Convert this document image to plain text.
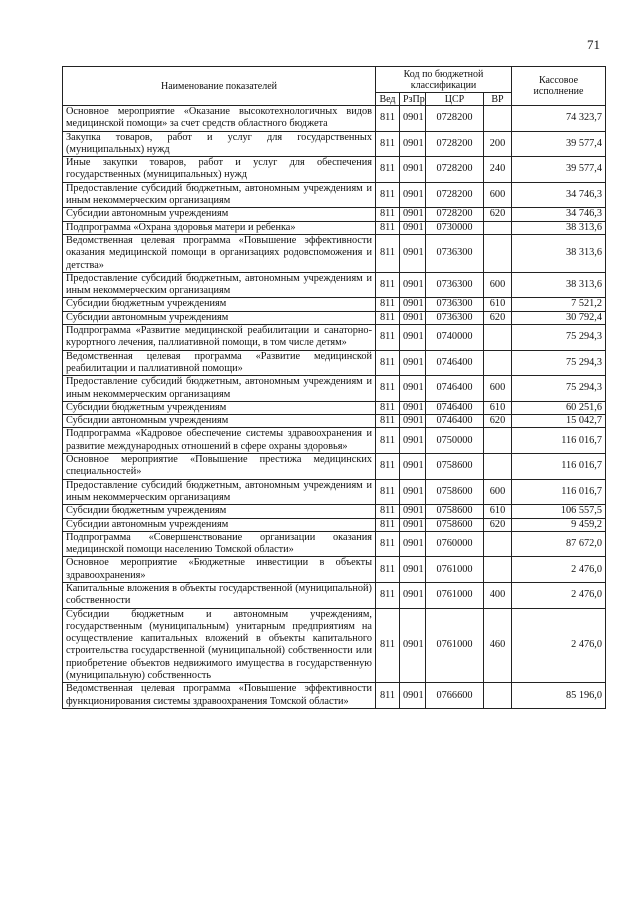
71
Наименование показателей	Код по бюджетной классификации				Кассовое исполнение
	Вед	РзПр	ЦСР	ВР	
Основное мероприятие «Оказание высокотехнологичных видов медицинской помощи» за счет средств областного бюджета	811	0901	0728200		74 323,7
Закупка товаров, работ и услуг для государственных (муниципальных) нужд	811	0901	0728200	200	39 577,4
Иные закупки товаров, работ и услуг для обеспечения государственных (муниципальных) нужд	811	0901	0728200	240	39 577,4
Предоставление субсидий бюджетным, автономным учреждениям и иным некоммерческим организациям	811	0901	0728200	600	34 746,3
Субсидии автономным учреждениям	811	0901	0728200	620	34 746,3
Подпрограмма «Охрана здоровья матери и ребенка»	811	0901	0730000		38 313,6
Ведомственная целевая программа «Повышение эффективности оказания медицинской помощи в организациях родовспоможения и детства»	811	0901	0736300		38 313,6
Предоставление субсидий бюджетным, автономным учреждениям и иным некоммерческим организациям	811	0901	0736300	600	38 313,6
Субсидии бюджетным учреждениям	811	0901	0736300	610	7 521,2
Субсидии автономным учреждениям	811	0901	0736300	620	30 792,4
Подпрограмма «Развитие медицинской реабилитации и санаторно-курортного лечения, паллиативной помощи, в том числе детям»	811	0901	0740000		75 294,3
Ведомственная целевая программа «Развитие медицинской реабилитации и паллиативной помощи»	811	0901	0746400		75 294,3
Предоставление субсидий бюджетным, автономным учреждениям и иным некоммерческим организациям	811	0901	0746400	600	75 294,3
Субсидии бюджетным учреждениям	811	0901	0746400	610	60 251,6
Субсидии автономным учреждениям	811	0901	0746400	620	15 042,7
Подпрограмма «Кадровое обеспечение системы здравоохранения и развитие международных отношений в сфере охраны здоровья»	811	0901	0750000		116 016,7
Основное мероприятие «Повышение престижа медицинских специальностей»	811	0901	0758600		116 016,7
Предоставление субсидий бюджетным, автономным учреждениям и иным некоммерческим организациям	811	0901	0758600	600	116 016,7
Субсидии бюджетным учреждениям	811	0901	0758600	610	106 557,5
Субсидии автономным учреждениям	811	0901	0758600	620	9 459,2
Подпрограмма «Совершенствование организации оказания медицинской помощи населению Томской области»	811	0901	0760000		87 672,0
Основное мероприятие «Бюджетные инвестиции в объекты здравоохранения»	811	0901	0761000		2 476,0
Капитальные вложения в объекты государственной (муниципальной) собственности	811	0901	0761000	400	2 476,0
Субсидии бюджетным и автономным учреждениям, государственным (муниципальным) унитарным предприятиям на осуществление капитальных вложений в объекты капитального строительства государственной (муниципальной) собственности или приобретение объектов недвижимого имущества в государственную (муниципальную) собственность	811	0901	0761000	460	2 476,0
Ведомственная целевая программа «Повышение эффективности функционирования системы здравоохранения Томской области»	811	0901	0766600		85 196,0
